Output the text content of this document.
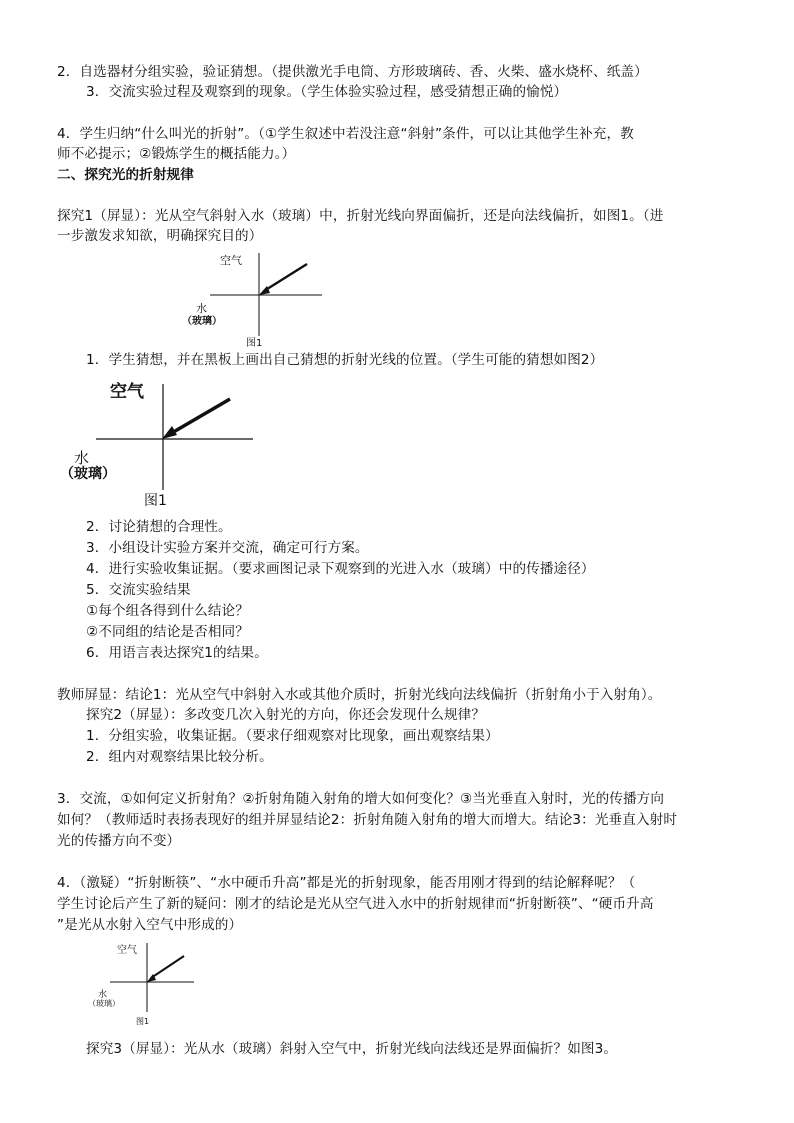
2．自选器材分组实验，验证猜想。（提供激光手电筒、方形玻璃砖、香、火柴、盛水烧杯、纸盖）
3．交流实验过程及观察到的现象。（学生体验实验过程，感受猜想正确的愉悦）
4．学生归纳“什么叫光的折射”。（①学生叙述中若没注意“斜射”条件，可以让其他学生补充，教
师不必提示；②锻炼学生的概括能力。）
二、探究光的折射规律
探究1（屏显）：光从空气斜射入水（玻璃）中，折射光线向界面偏折，还是向法线偏折，如图1。（进
一步激发求知欲，明确探究目的）
空气
水
（玻璃）
图1
1．学生猜想，并在黑板上画出自己猜想的折射光线的位置。（学生可能的猜想如图2）
空气
水
（玻璃）
图1
2．讨论猜想的合理性。
3．小组设计实验方案并交流，确定可行方案。
4．进行实验收集证据。（要求画图记录下观察到的光进入水（玻璃）中的传播途径）
5．交流实验结果
①每个组各得到什么结论？
②不同组的结论是否相同？
6．用语言表达探究1的结果。
教师屏显：结论1：光从空气中斜射入水或其他介质时，折射光线向法线偏折（折射角小于入射角）。
探究2（屏显）：多改变几次入射光的方向，你还会发现什么规律？
1．分组实验，收集证据。（要求仔细观察对比现象，画出观察结果）
2．组内对观察结果比较分析。
3．交流，①如何定义折射角？②折射角随入射角的增大如何变化？③当光垂直入射时，光的传播方向
如何？（教师适时表扬表现好的组并屏显结论2：折射角随入射角的增大而增大。结论3：光垂直入射时
光的传播方向不变）
4．（激疑）“折射断筷”、“水中硬币升高”都是光的折射现象，能否用刚才得到的结论解释呢？（
学生讨论后产生了新的疑问：刚才的结论是光从空气进入水中的折射规律而“折射断筷”、“硬币升高
”是光从水射入空气中形成的）
空气
水
（玻璃）
图1
探究3（屏显）：光从水（玻璃）斜射入空气中，折射光线向法线还是界面偏折？如图3。
